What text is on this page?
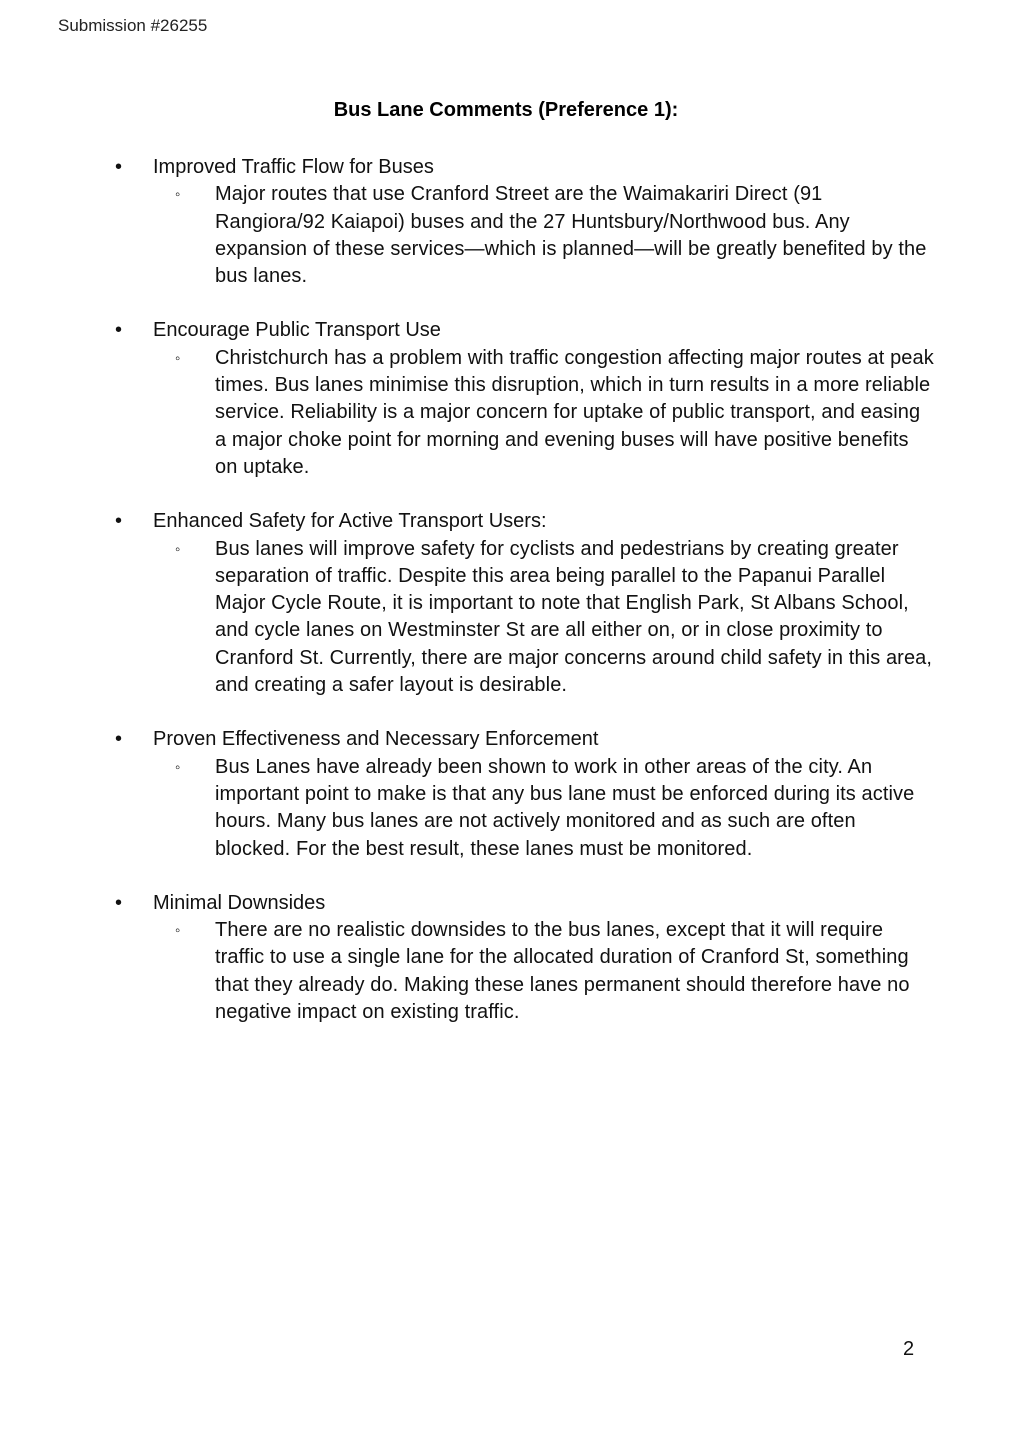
Submission #26255
Bus Lane Comments (Preference 1):
• Improved Traffic Flow for Buses
◦ Major routes that use Cranford Street are the Waimakariri Direct (91 Rangiora/92 Kaiapoi) buses and the 27 Huntsbury/Northwood bus. Any expansion of these services—which is planned—will be greatly benefited by the bus lanes.
• Encourage Public Transport Use
◦ Christchurch has a problem with traffic congestion affecting major routes at peak times. Bus lanes minimise this disruption, which in turn results in a more reliable service. Reliability is a major concern for uptake of public transport, and easing a major choke point for morning and evening buses will have positive benefits on uptake.
• Enhanced Safety for Active Transport Users:
◦ Bus lanes will improve safety for cyclists and pedestrians by creating greater separation of traffic. Despite this area being parallel to the Papanui Parallel Major Cycle Route, it is important to note that English Park, St Albans School, and cycle lanes on Westminster St are all either on, or in close proximity to Cranford St. Currently, there are major concerns around child safety in this area, and creating a safer layout is desirable.
• Proven Effectiveness and Necessary Enforcement
◦ Bus Lanes have already been shown to work in other areas of the city. An important point to make is that any bus lane must be enforced during its active hours. Many bus lanes are not actively monitored and as such are often blocked. For the best result, these lanes must be monitored.
• Minimal Downsides
◦ There are no realistic downsides to the bus lanes, except that it will require traffic to use a single lane for the allocated duration of Cranford St, something that they already do. Making these lanes permanent should therefore have no negative impact on existing traffic.
2
